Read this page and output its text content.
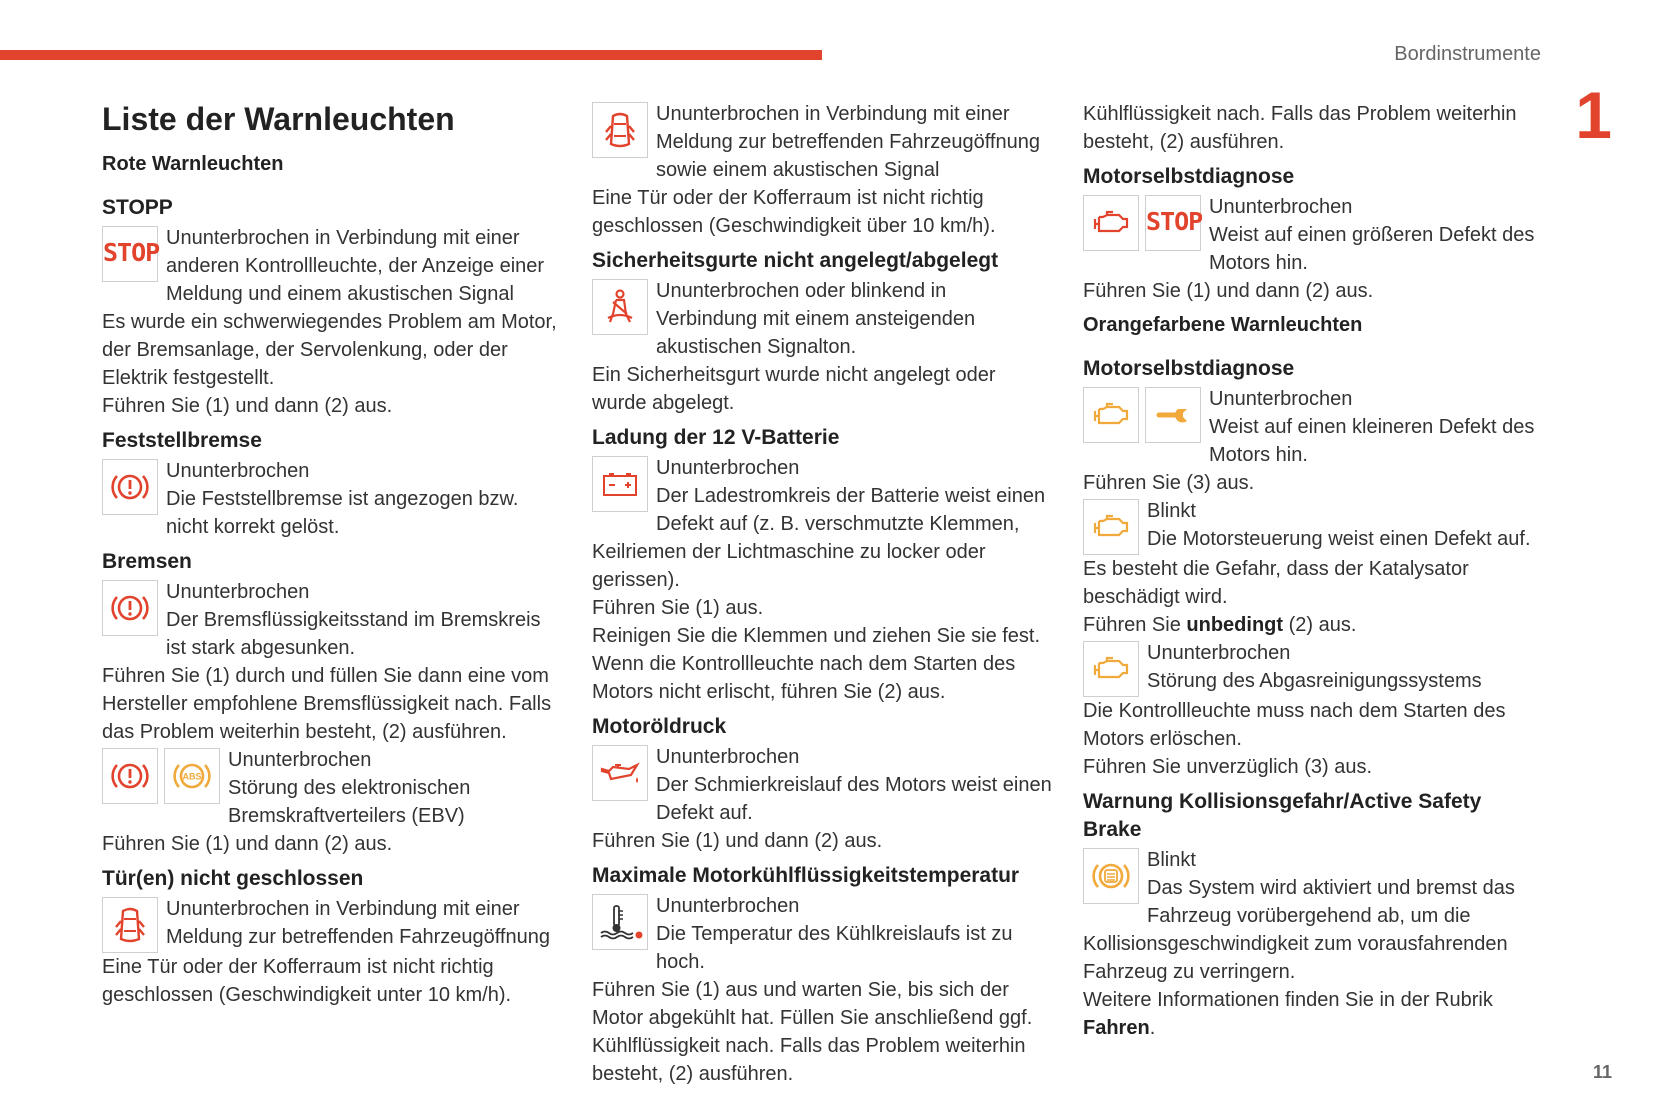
Bordinstrumente
1
11
Liste der Warnleuchten
Rote Warnleuchten
STOPP
STOP Ununterbrochen in Verbindung mit einer anderen Kontrollleuchte, der Anzeige einer Meldung und einem akustischen Signal

Es wurde ein schwerwiegendes Problem am Motor, der Bremsanlage, der Servolenkung, oder der Elektrik festgestellt.

Führen Sie (1) und dann (2) aus.

Feststellbremse
Ununterbrochen
Die Feststellbremse ist angezogen bzw. nicht korrekt gelöst.
Bremsen
Ununterbrochen
Der Bremsflüssigkeitsstand im Bremskreis ist stark abgesunken.

Führen Sie (1) durch und füllen Sie dann eine vom Hersteller empfohlene Bremsflüssigkeit nach. Falls das Problem weiterhin besteht, (2) ausführen.

ABS
Ununterbrochen
Störung des elektronischen Bremskraftverteilers (EBV)

Führen Sie (1) und dann (2) aus.

Tür(en) nicht geschlossen
Ununterbrochen in Verbindung mit einer Meldung zur betreffenden Fahrzeugöffnung

Eine Tür oder der Kofferraum ist nicht richtig geschlossen (Geschwindigkeit unter 10 km/h).

Ununterbrochen in Verbindung mit einer Meldung zur betreffenden Fahrzeugöffnung sowie einem akustischen Signal

Eine Tür oder der Kofferraum ist nicht richtig geschlossen (Geschwindigkeit über 10 km/h).

Sicherheitsgurte nicht angelegt/abgelegt
Ununterbrochen oder blinkend in Verbindung mit einem ansteigenden akustischen Signalton.

Ein Sicherheitsgurt wurde nicht angelegt oder wurde abgelegt.

Ladung der 12 V-Batterie
Ununterbrochen
Der Ladestromkreis der Batterie weist einen Defekt auf (z. B. verschmutzte Klemmen, Keilriemen der Lichtmaschine zu locker oder gerissen).

Führen Sie (1) aus.

Reinigen Sie die Klemmen und ziehen Sie sie fest. Wenn die Kontrollleuchte nach dem Starten des Motors nicht erlischt, führen Sie (2) aus.

Motoröldruck
Ununterbrochen
Der Schmierkreislauf des Motors weist einen Defekt auf.

Führen Sie (1) und dann (2) aus.

Maximale Motorkühlflüssigkeitstemperatur
Ununterbrochen
Die Temperatur des Kühlkreislaufs ist zu hoch.

Führen Sie (1) aus und warten Sie, bis sich der Motor abgekühlt hat. Füllen Sie anschließend ggf. Kühlflüssigkeit nach. Falls das Problem weiterhin besteht, (2) ausführen.

Kühlflüssigkeit nach. Falls das Problem weiterhin besteht, (2) ausführen.

Motorselbstdiagnose
STOP Ununterbrochen
Weist auf einen größeren Defekt des Motors hin.

Führen Sie (1) und dann (2) aus.

Orangefarbene Warnleuchten
Motorselbstdiagnose
Ununterbrochen
Weist auf einen kleineren Defekt des Motors hin.

Führen Sie (3) aus.

Blinkt
Die Motorsteuerung weist einen Defekt auf.

Es besteht die Gefahr, dass der Katalysator beschädigt wird.

Führen Sie unbedingt (2) aus.

Ununterbrochen
Störung des Abgasreinigungssystems

Die Kontrollleuchte muss nach dem Starten des Motors erlöschen.

Führen Sie unverzüglich (3) aus.

Warnung Kollisionsgefahr/Active Safety Brake
Blinkt
Das System wird aktiviert und bremst das Fahrzeug vorübergehend ab, um die Kollisionsgeschwindigkeit zum vorausfahrenden Fahrzeug zu verringern.

Weitere Informationen finden Sie in der Rubrik Fahren.
